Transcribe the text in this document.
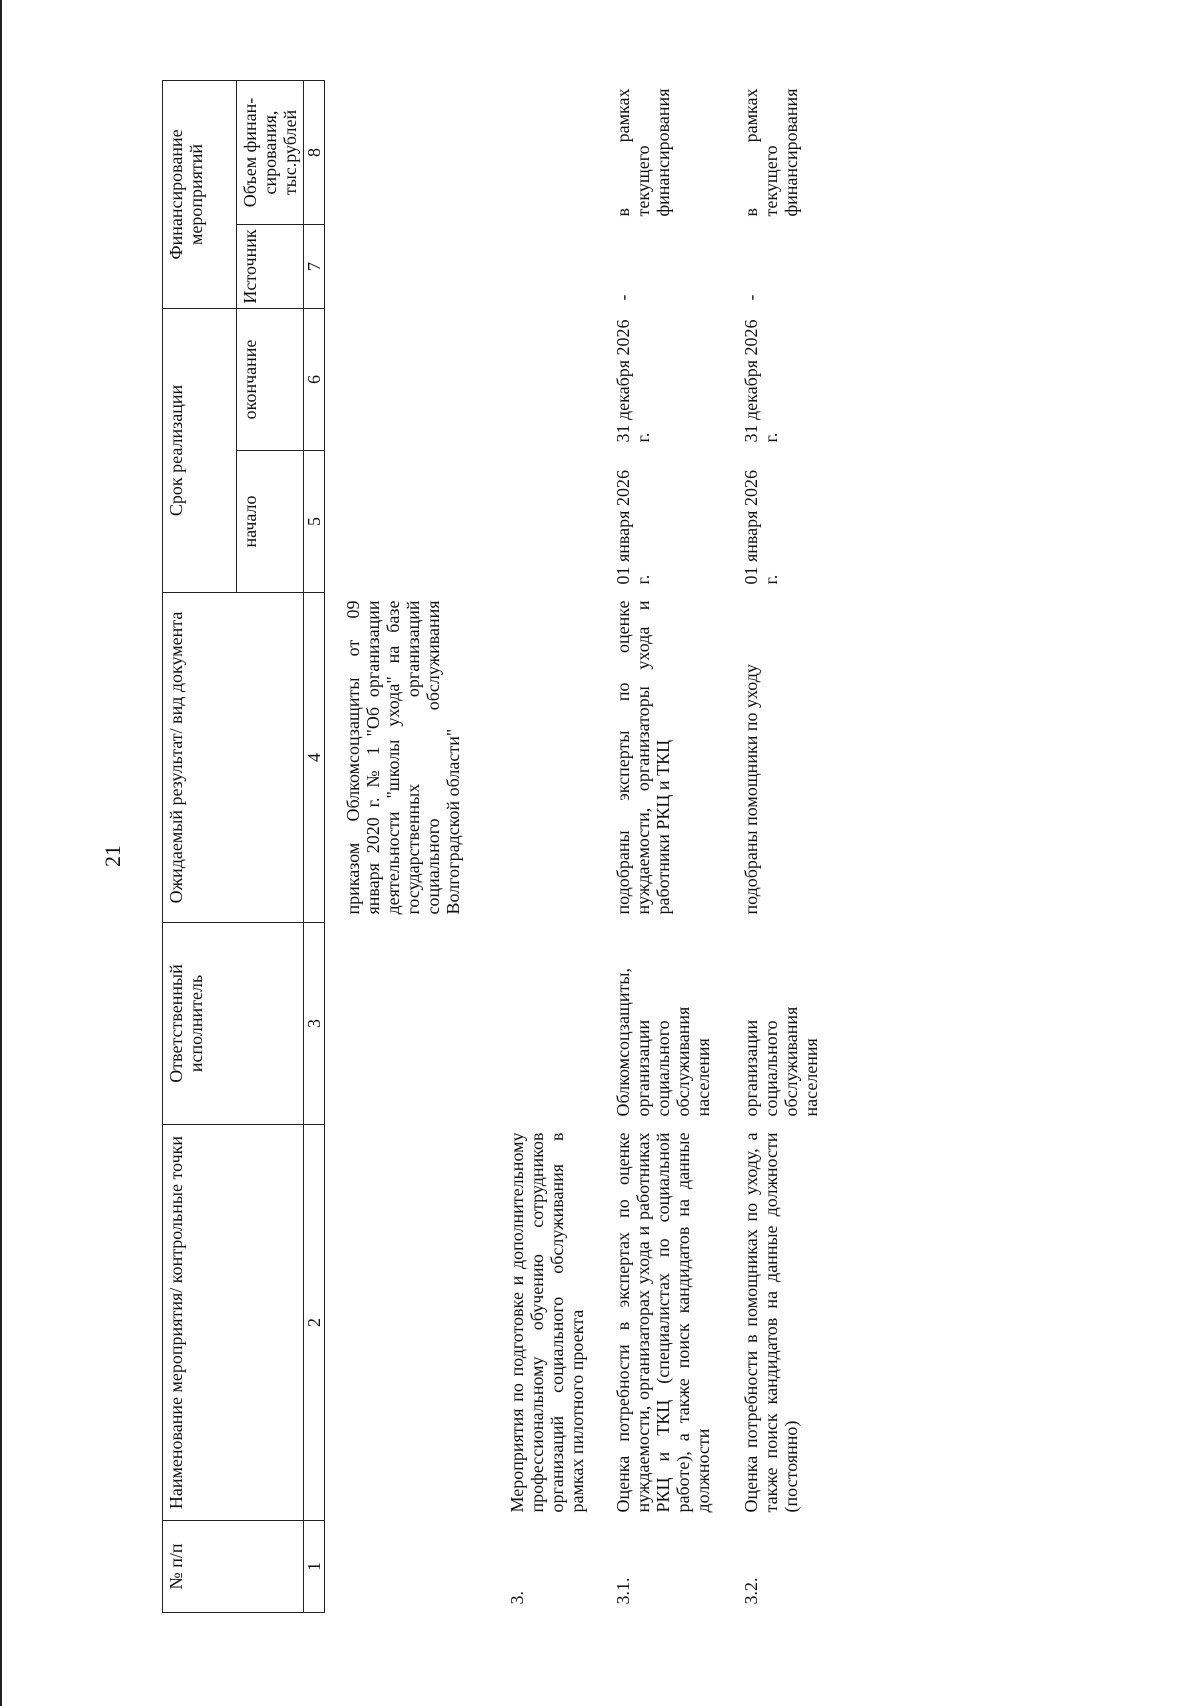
21
№ п/п	Наименование мероприятия/ контрольные точки	Ответственный исполнитель	Ожидаемый результат/ вид документа	Срок реализации		Финансирование мероприятий	
				начало	окончание	Источник	Объем финан-сирования, тыс.рублей
1	2	3	4	5	6	7	8
			приказом Облкомсоцзащиты от 09 января 2020 г. № 1 "Об организации деятельности "школы ухода" на базе государственных организаций социального обслуживания Волгоградской области"				
3.	Мероприятия по подготовке и дополнительному профессиональному обучению сотрудников организаций социального обслуживания в рамках пилотного проекта						
3.1.	Оценка потребности в экспертах по оценке нуждаемости, организаторах ухода и работниках РКЦ и ТКЦ (специалистах по социальной работе), а также поиск кандидатов на данные должности	Облкомсоцзащиты, организации социального обслуживания населения	подобраны эксперты по оценке нуждаемости, организаторы ухода и работники РКЦ и ТКЦ	01 января 2026 г.	31 декабря 2026 г.	-	в рамках текущего финансирования
3.2.	Оценка потребности в помощниках по уходу, а также поиск кандидатов на данные должности (постоянно)	организации социального обслуживания населения	подобраны помощники по уходу	01 января 2026 г.	31 декабря 2026 г.	-	в рамках текущего финансирования
